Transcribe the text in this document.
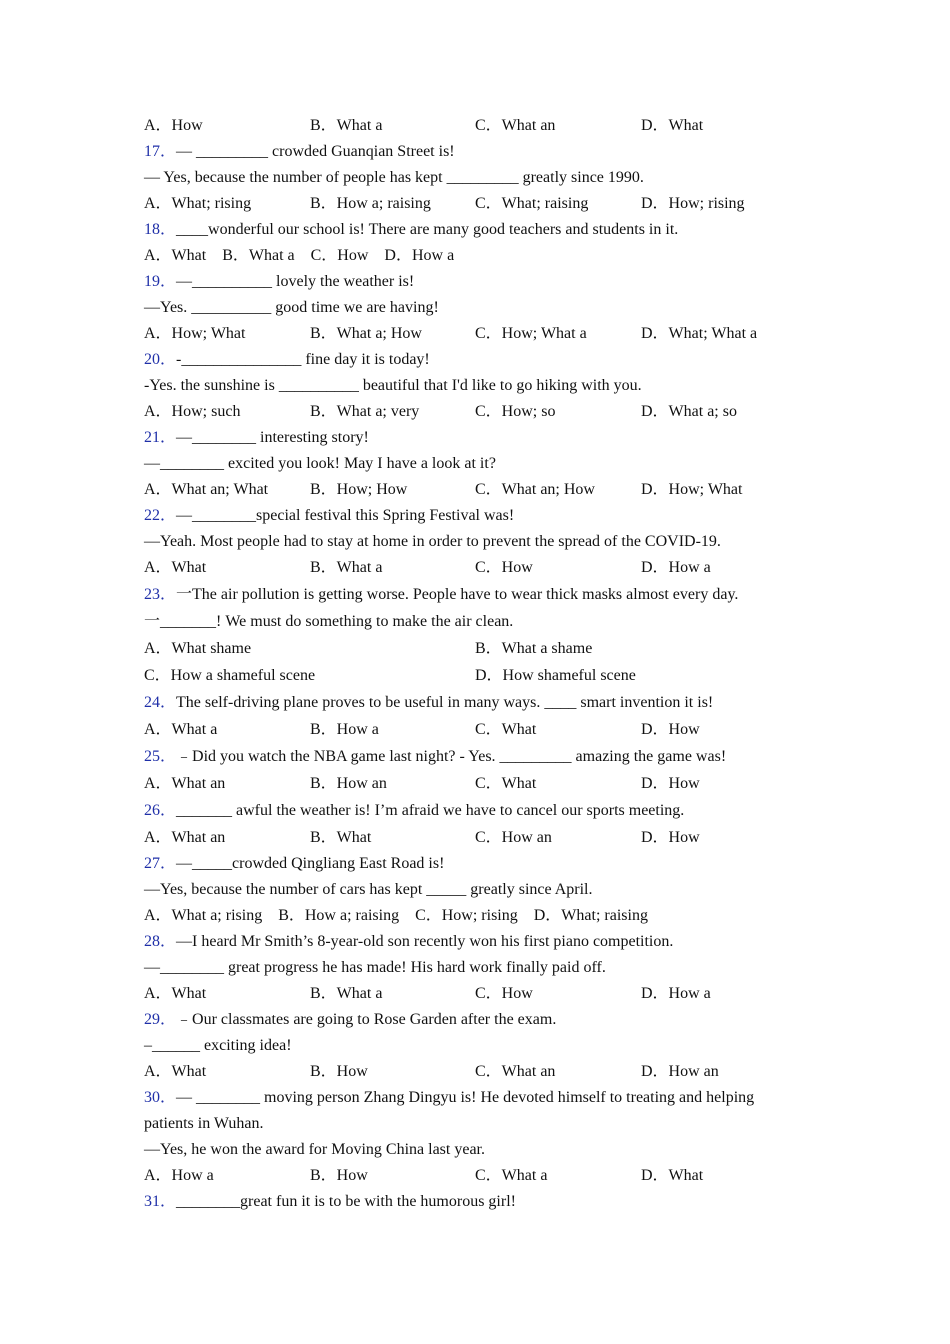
A．How	B．What a	C．What an	D．What
17．— _________ crowded Guanqian Street is!
— Yes, because the number of people has kept _________ greatly since 1990.
A．What; rising	B．How a; raising	C．What; raising	D．How; rising
18．____wonderful our school is! There are many good teachers and students in it.
A．What    B．What a    C．How    D．How a
19．—__________ lovely the weather is!
—Yes. __________ good time we are having!
A．How; What	B．What a; How	C．How; What a	D．What; What a
20．-_______________ fine day it is today!
-Yes. the sunshine is __________ beautiful that I'd like to go hiking with you.
A．How; such	B．What a; very	C．How; so	D．What a; so
21．—________ interesting story!
—________ excited you look! May I have a look at it?
A．What an; What	B．How; How	C．What an; How	D．How; What
22．—________special festival this Spring Festival was!
—Yeah. Most people had to stay at home in order to prevent the spread of the COVID-19.
A．What	B．What a	C．How	D．How a
23．一The air pollution is getting worse. People have to wear thick masks almost every day.
一_______! We must do something to make the air clean.
A．What shame	B．What a shame
C．How a shameful scene	D．How shameful scene
24．The self-driving plane proves to be useful in many ways. ____ smart invention it is!
A．What a	B．How a	C．What	D．How
25．﹣Did you watch the NBA game last night? - Yes. _________ amazing the game was!
A．What an	B．How an	C．What	D．How
26．_______ awful the weather is! I’m afraid we have to cancel our sports meeting.
A．What an	B．What	C．How an	D．How
27．—_____crowded Qingliang East Road is!
—Yes, because the number of cars has kept _____ greatly since April.
A．What a; rising    B．How a; raising    C．How; rising    D．What; raising
28．—I heard Mr Smith’s 8-year-old son recently won his first piano competition.
—________ great progress he has made! His hard work finally paid off.
A．What	B．What a	C．How	D．How a
29．﹣Our classmates are going to Rose Garden after the exam.
–______ exciting idea!
A．What	B．How	C．What an	D．How an
30．— ________ moving person Zhang Dingyu is! He devoted himself to treating and helping
patients in Wuhan.
—Yes, he won the award for Moving China last year.
A．How a	B．How	C．What a	D．What
31．________great fun it is to be with the humorous girl!
